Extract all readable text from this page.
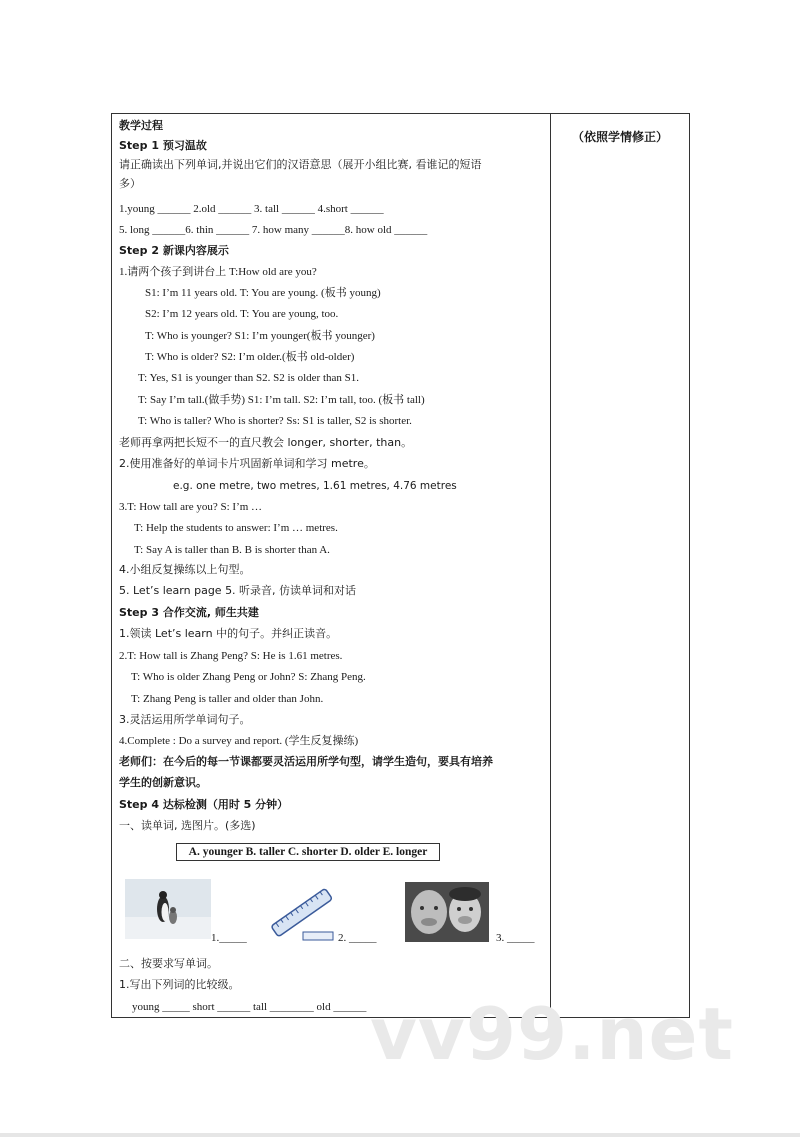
（依照学情修正）
教学过程
Step 1 预习温故
请正确读出下列单词,并说出它们的汉语意思（展开小组比赛, 看谁记的短语
多）
1.young ______ 2.old ______ 3. tall ______ 4.short ______
5. long ______6. thin ______ 7. how many ______8. how old ______
Step 2 新课内容展示
1.请两个孩子到讲台上 T:How old are you?
S1: I’m 11 years old. T: You are young. (板书 young)
S2: I’m 12 years old. T: You are young, too.
T: Who is younger? S1: I’m younger(板书 younger)
T: Who is older? S2: I’m older.(板书 old-older)
T: Yes, S1 is younger than S2. S2 is older than S1.
T: Say I’m tall.(做手势) S1: I’m tall. S2: I’m tall, too. (板书 tall)
T: Who is taller? Who is shorter? Ss: S1 is taller, S2 is shorter.
老师再拿两把长短不一的直尺教会 longer, shorter, than。
2.使用准备好的单词卡片巩固新单词和学习 metre。
e.g. one metre, two metres, 1.61 metres, 4.76 metres
3.T: How tall are you? S: I’m …
T: Help the students to answer: I’m … metres.
T: Say A is taller than B. B is shorter than A.
4.小组反复操练以上句型。
5. Let’s learn page 5. 听录音, 仿读单词和对话
Step 3 合作交流, 师生共建
1.领读 Let’s learn 中的句子。并纠正读音。
2.T: How tall is Zhang Peng? S: He is 1.61 metres.
T: Who is older Zhang Peng or John? S: Zhang Peng.
T: Zhang Peng is taller and older than John.
3.灵活运用所学单词句子。
4.Complete : Do a survey and report. (学生反复操练)
老师们：在今后的每一节课都要灵活运用所学句型，请学生造句，要具有培养
学生的创新意识。
Step 4 达标检测（用时 5 分钟）
一、读单词, 选图片。(多选)
A. younger B. taller C. shorter D. older E. longer
1._____	2. _____	3. _____
二、按要求写单词。
1.写出下列词的比较级。
young _____ short ______ tall ________ old ______ vv99.net
